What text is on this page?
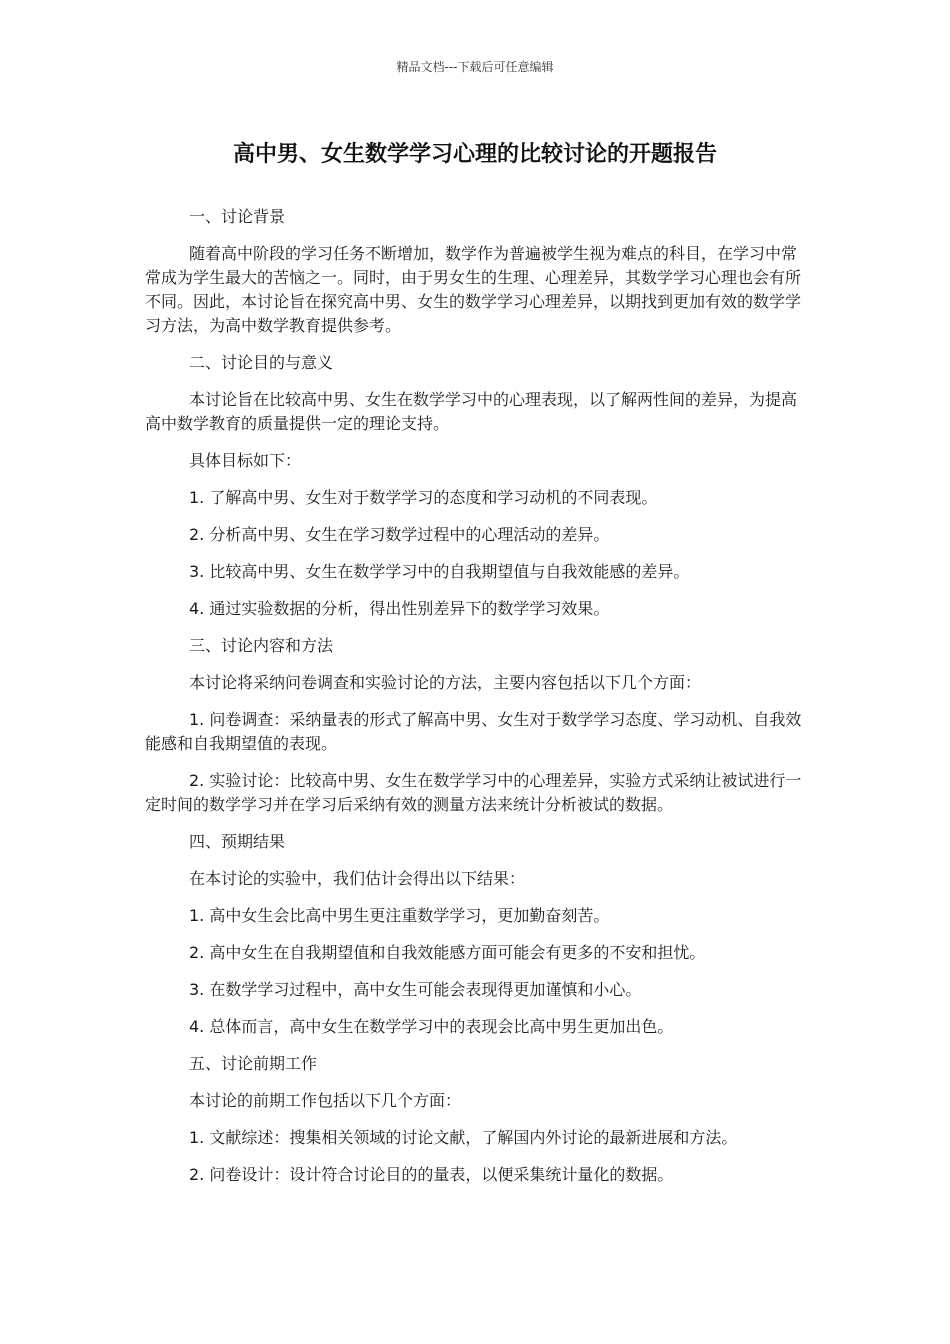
精品文档---下载后可任意编辑
高中男、女生数学学习心理的比较讨论的开题报告

一、讨论背景

随着高中阶段的学习任务不断增加，数学作为普遍被学生视为难点的科目，在学习中常常成为学生最大的苦恼之一。同时，由于男女生的生理、心理差异，其数学学习心理也会有所不同。因此，本讨论旨在探究高中男、女生的数学学习心理差异，以期找到更加有效的数学学习方法，为高中数学教育提供参考。

二、讨论目的与意义

本讨论旨在比较高中男、女生在数学学习中的心理表现，以了解两性间的差异，为提高高中数学教育的质量提供一定的理论支持。

具体目标如下：

1. 了解高中男、女生对于数学学习的态度和学习动机的不同表现。

2. 分析高中男、女生在学习数学过程中的心理活动的差异。

3. 比较高中男、女生在数学学习中的自我期望值与自我效能感的差异。

4. 通过实验数据的分析，得出性别差异下的数学学习效果。

三、讨论内容和方法

本讨论将采纳问卷调查和实验讨论的方法，主要内容包括以下几个方面：

1. 问卷调查：采纳量表的形式了解高中男、女生对于数学学习态度、学习动机、自我效能感和自我期望值的表现。

2. 实验讨论：比较高中男、女生在数学学习中的心理差异，实验方式采纳让被试进行一定时间的数学学习并在学习后采纳有效的测量方法来统计分析被试的数据。

四、预期结果

在本讨论的实验中，我们估计会得出以下结果：

1. 高中女生会比高中男生更注重数学学习，更加勤奋刻苦。

2. 高中女生在自我期望值和自我效能感方面可能会有更多的不安和担忧。

3. 在数学学习过程中，高中女生可能会表现得更加谨慎和小心。

4. 总体而言，高中女生在数学学习中的表现会比高中男生更加出色。

五、讨论前期工作

本讨论的前期工作包括以下几个方面：

1. 文献综述：搜集相关领域的讨论文献，了解国内外讨论的最新进展和方法。

2. 问卷设计：设计符合讨论目的的量表，以便采集统计量化的数据。
